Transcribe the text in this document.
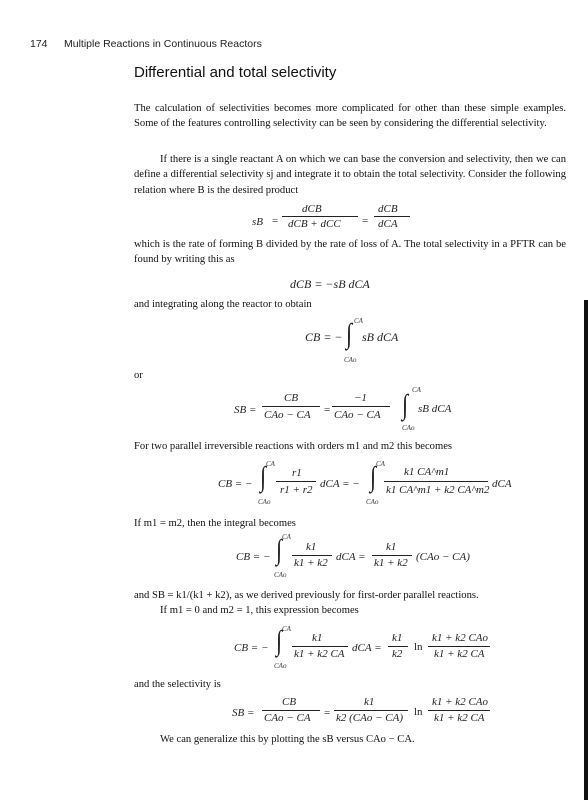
174 Multiple Reactions in Continuous Reactors
Differential and total selectivity
The calculation of selectivities becomes more complicated for other than these simple examples. Some of the features controlling selectivity can be seen by considering the differential selectivity.
If there is a single reactant A on which we can base the conversion and selectivity, then we can define a differential selectivity sj and integrate it to obtain the total selectivity. Consider the following relation where B is the desired product
sB =
dCB
dCB + dCC =
dCB
dCA
which is the rate of forming B divided by the rate of loss of A. The total selectivity in a PFTR can be found by writing this as
dCB = −sB dCA
and integrating along the reactor to obtain
CB = −
CA
∫
CAo
sB dCA
or
SB =
CB
CAo − CA =
−1
CAo − CA
CA
∫
CAo
sB dCA
For two parallel irreversible reactions with orders m1 and m2 this becomes
CB = −
CA
∫
CAo
r1
r1 + r2 dCA = −
CA
∫
CAo
k1 CA^m1
k1 CA^m1 + k2 CA^m2 dCA
If m1 = m2, then the integral becomes
CB = −
CA
∫
CAo
k1
k1 + k2 dCA =
k1
k1 + k2 (CAo − CA)
and SB = k1/(k1 + k2), as we derived previously for first-order parallel reactions.
If m1 = 0 and m2 = 1, this expression becomes
CB = −
CA
∫
CAo
k1
k1 + k2 CA dCA =
k1
k2
ln
k1 + k2 CAo
k1 + k2 CA
and the selectivity is
SB =
CB
CAo − CA =
k1
k2 (CAo − CA) ln
k1 + k2 CAo
k1 + k2 CA
We can generalize this by plotting the sB versus CAo − CA.
